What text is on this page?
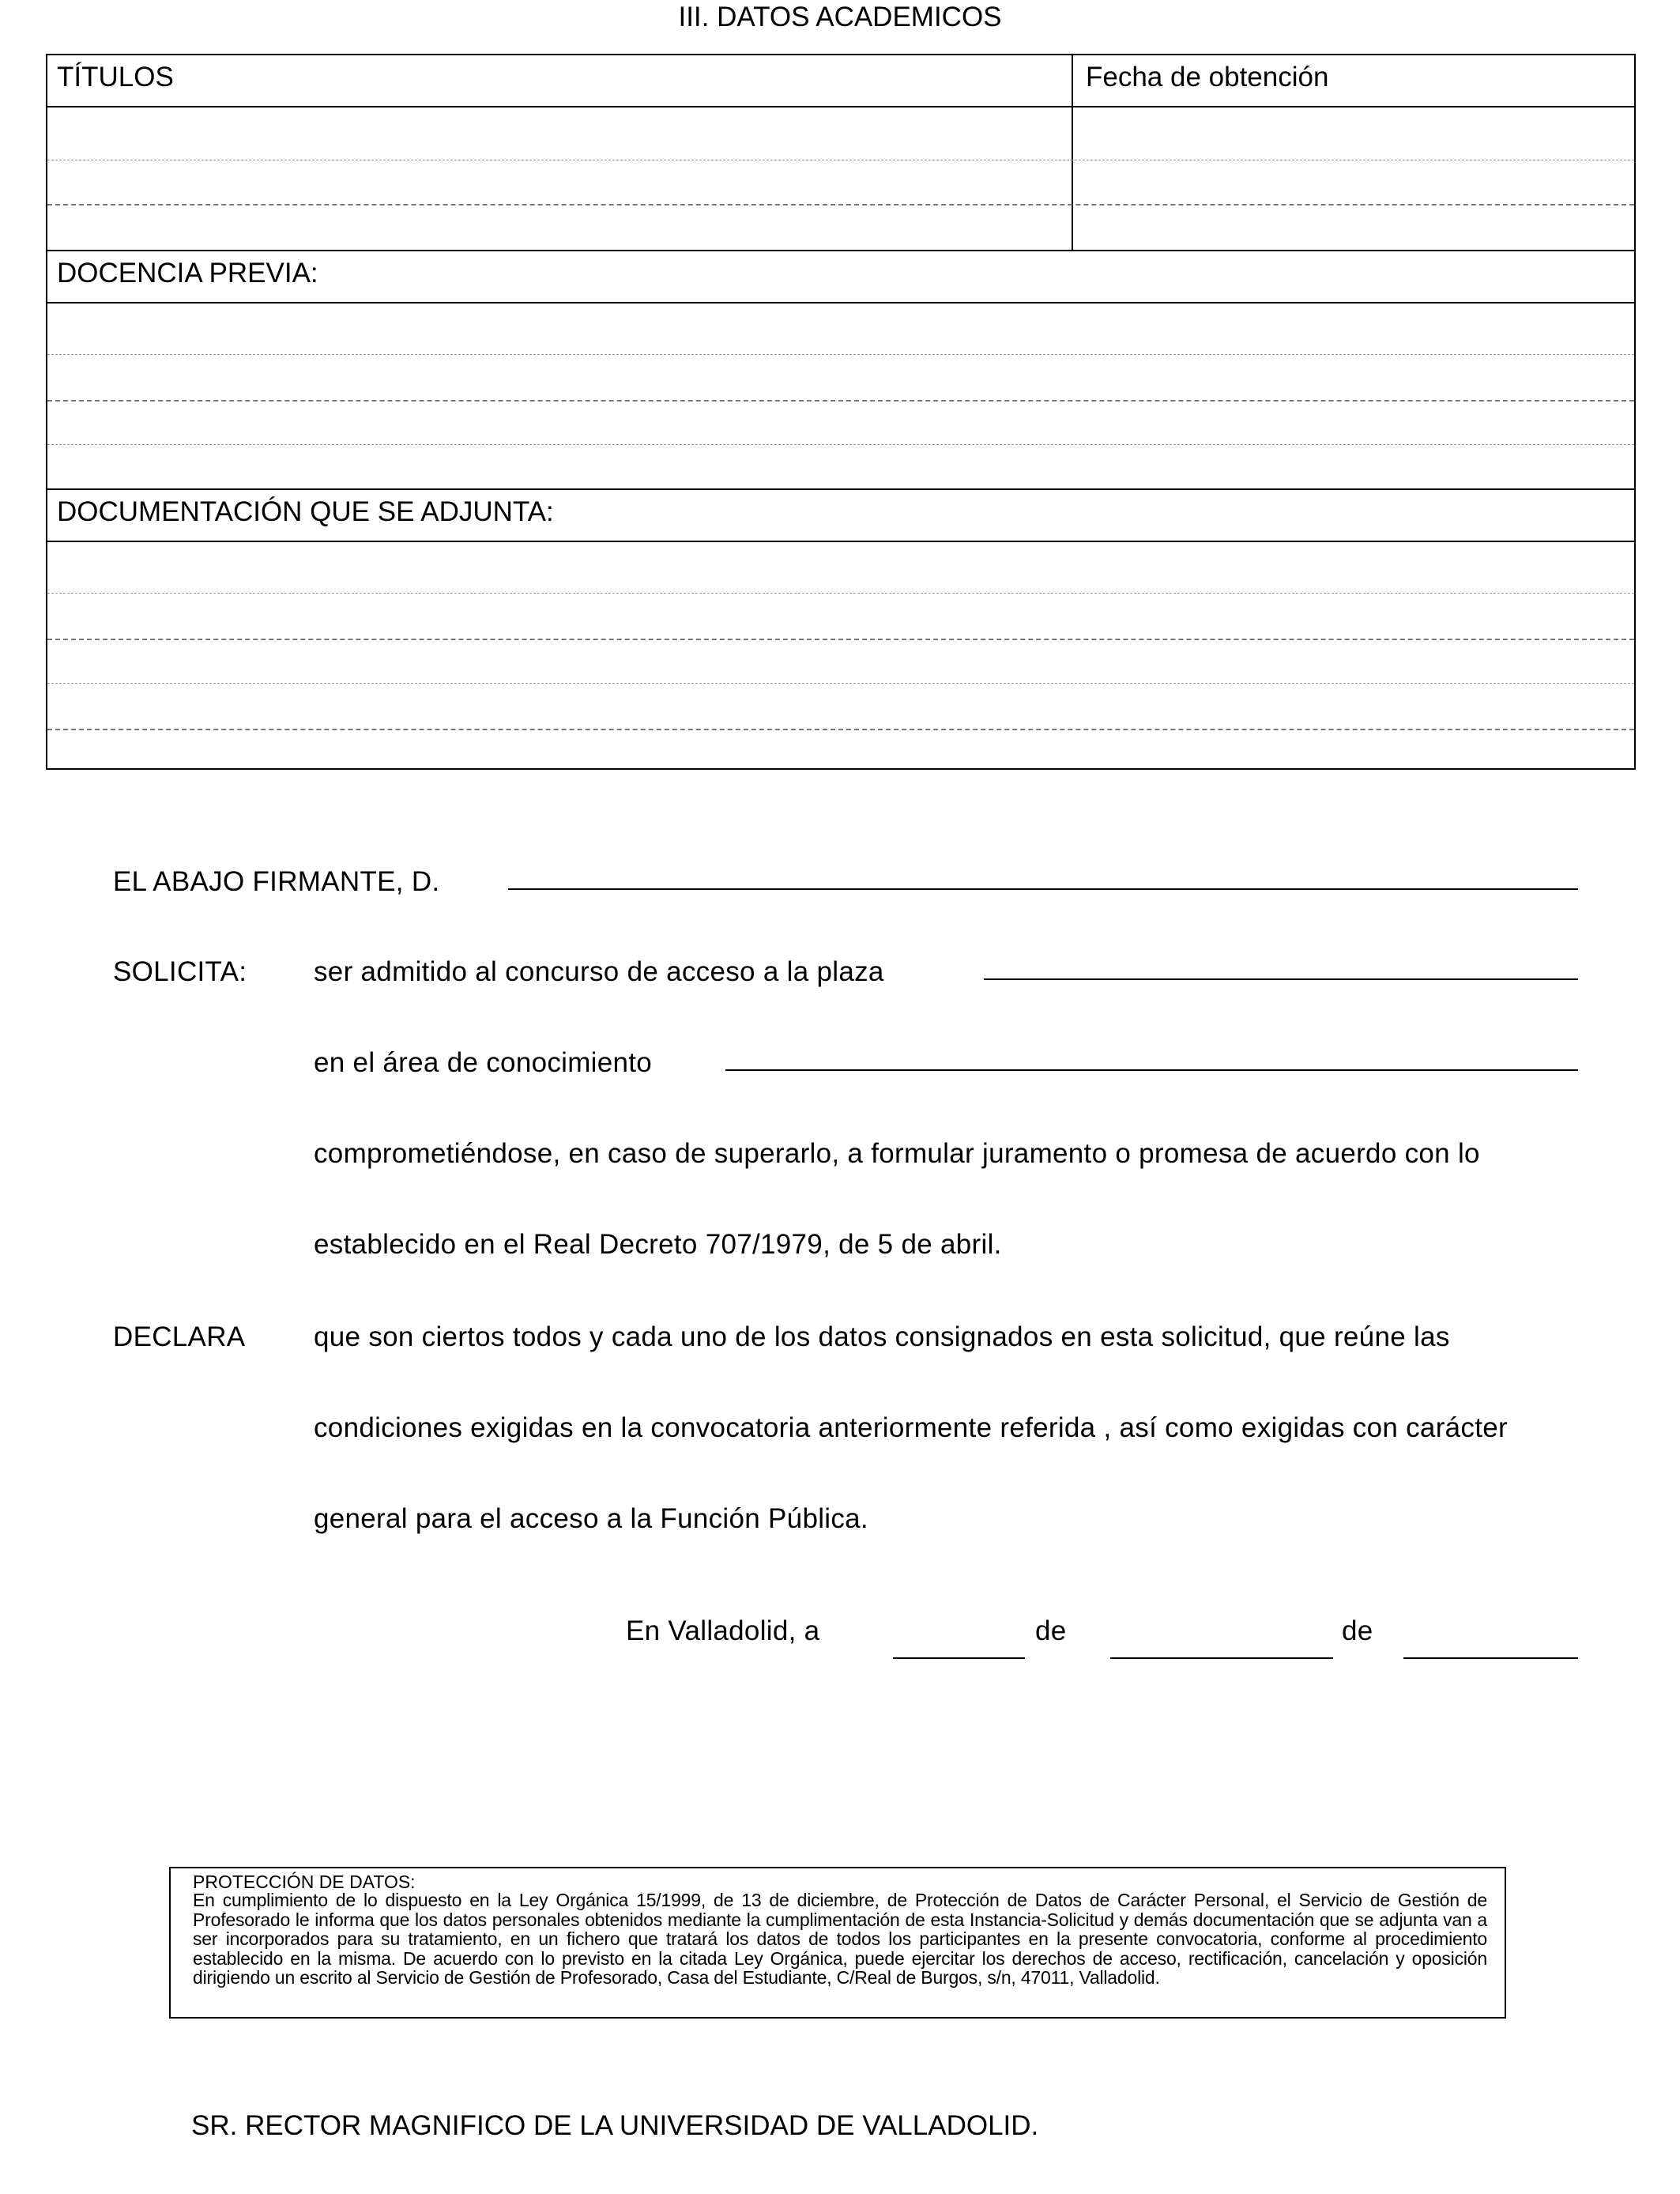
III. DATOS ACADEMICOS
TÍTULOS	Fecha de obtención
DOCENCIA PREVIA:
DOCUMENTACIÓN QUE SE ADJUNTA:
EL ABAJO FIRMANTE, D.
SOLICITA: ser admitido al concurso de acceso a la plaza
en el área de conocimiento
comprometiéndose, en caso de superarlo, a formular juramento o promesa de acuerdo con lo
establecido en el Real Decreto 707/1979, de 5 de abril.
DECLARA que son ciertos todos y cada uno de los datos consignados en esta solicitud, que reúne las
condiciones exigidas en la convocatoria anteriormente referida , así como exigidas con carácter
general para el acceso a la Función Pública.
En Valladolid, a	de	de
PROTECCIÓN DE DATOS:
En cumplimiento de lo dispuesto en la Ley Orgánica 15/1999, de 13 de diciembre, de Protección de Datos de Carácter Personal, el Servicio de Gestión de Profesorado le informa que los datos personales obtenidos mediante la cumplimentación de esta Instancia-Solicitud y demás documentación que se adjunta van a ser incorporados para su tratamiento, en un fichero que tratará los datos de todos los participantes en la presente convocatoria, conforme al procedimiento establecido en la misma. De acuerdo con lo previsto en la citada Ley Orgánica, puede ejercitar los derechos de acceso, rectificación, cancelación y oposición dirigiendo un escrito al Servicio de Gestión de Profesorado, Casa del Estudiante, C/Real de Burgos, s/n, 47011, Valladolid.
SR. RECTOR MAGNIFICO DE LA UNIVERSIDAD DE VALLADOLID.
